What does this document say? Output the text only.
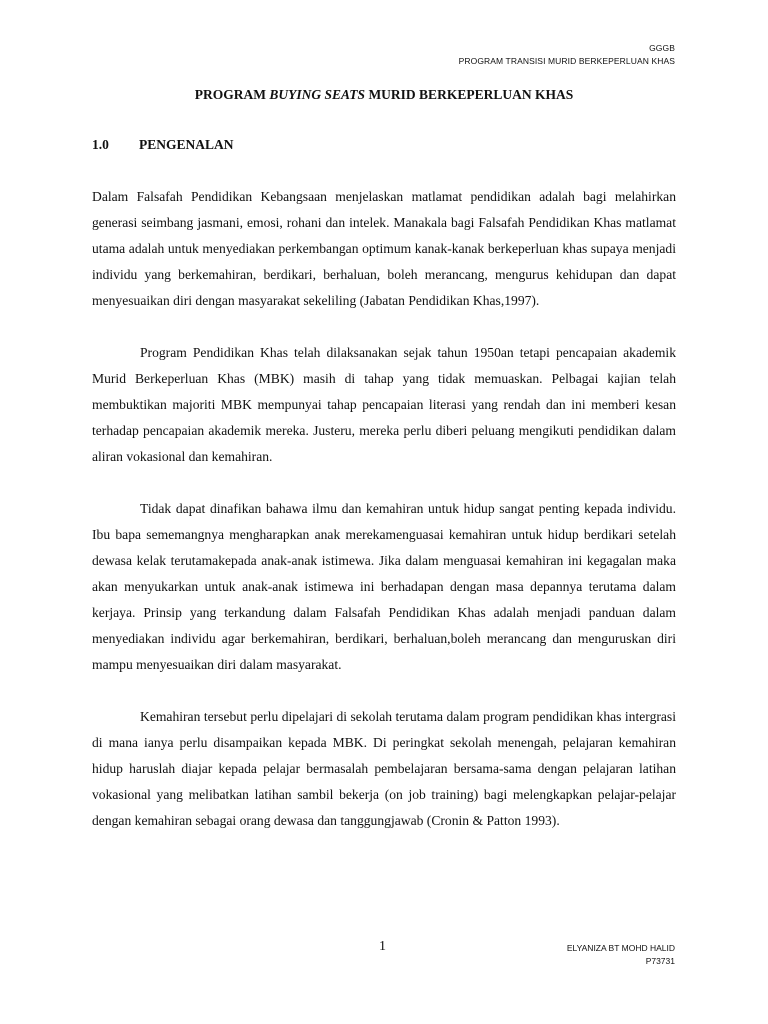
GGGB
PROGRAM TRANSISI MURID BERKEPERLUAN KHAS
PROGRAM BUYING SEATS MURID BERKEPERLUAN KHAS
1.0 PENGENALAN

Dalam Falsafah Pendidikan Kebangsaan menjelaskan matlamat pendidikan adalah bagi melahirkan generasi seimbang jasmani, emosi, rohani dan intelek. Manakala bagi Falsafah Pendidikan Khas matlamat utama adalah untuk menyediakan perkembangan optimum kanak-kanak berkeperluan khas supaya menjadi individu yang berkemahiran, berdikari, berhaluan, boleh merancang, mengurus kehidupan dan dapat menyesuaikan diri dengan masyarakat sekeliling (Jabatan Pendidikan Khas,1997).

Program Pendidikan Khas telah dilaksanakan sejak tahun 1950an tetapi pencapaian akademik Murid Berkeperluan Khas (MBK) masih di tahap yang tidak memuaskan. Pelbagai kajian telah membuktikan majoriti MBK mempunyai tahap pencapaian literasi yang rendah dan ini memberi kesan terhadap pencapaian akademik mereka. Justeru, mereka perlu diberi peluang mengikuti pendidikan dalam aliran vokasional dan kemahiran.

Tidak dapat dinafikan bahawa ilmu dan kemahiran untuk hidup sangat penting kepada individu. Ibu bapa sememangnya mengharapkan anak merekamenguasai kemahiran untuk hidup berdikari setelah dewasa kelak terutamakepada anak-anak istimewa. Jika dalam menguasai kemahiran ini kegagalan maka akan menyukarkan untuk anak-anak istimewa ini berhadapan dengan masa depannya terutama dalam kerjaya. Prinsip yang terkandung dalam Falsafah Pendidikan Khas adalah menjadi panduan dalam menyediakan individu agar berkemahiran, berdikari, berhaluan,boleh merancang dan menguruskan diri mampu menyesuaikan diri dalam masyarakat.

Kemahiran tersebut perlu dipelajari di sekolah terutama dalam program pendidikan khas intergrasi di mana ianya perlu disampaikan kepada MBK. Di peringkat sekolah menengah, pelajaran kemahiran hidup haruslah diajar kepada pelajar bermasalah pembelajaran bersama-sama dengan pelajaran latihan vokasional yang melibatkan latihan sambil bekerja (on job training) bagi melengkapkan pelajar-pelajar dengan kemahiran sebagai orang dewasa dan tanggungjawab (Cronin & Patton 1993).

1	ELYANIZA BT MOHD HALID
P73731
